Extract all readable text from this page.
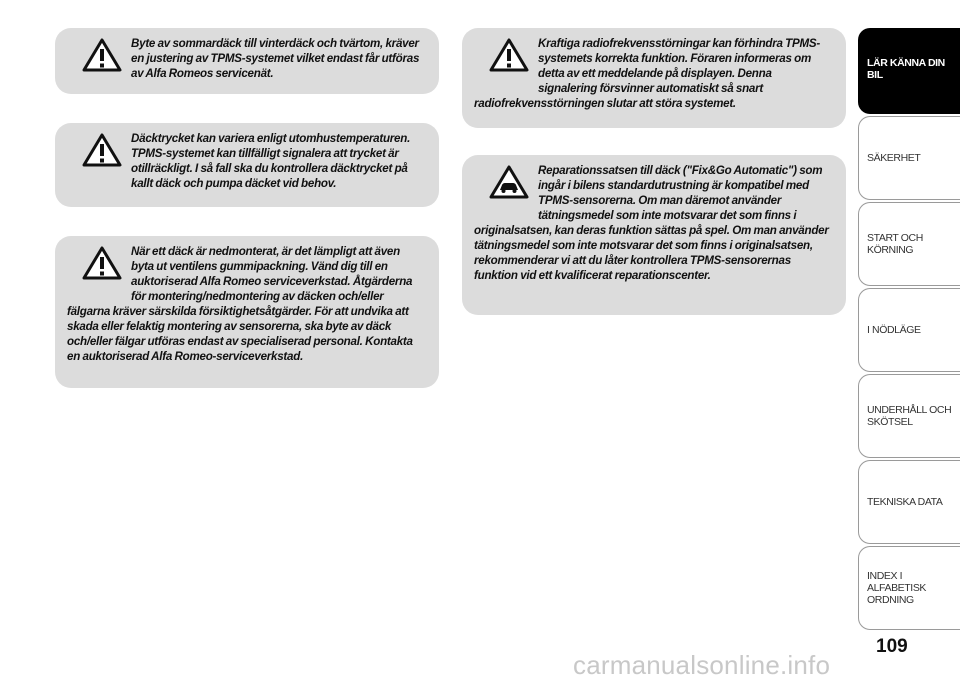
Byte av sommardäck till vinterdäck och tvärtom, kräver en justering av TPMS-systemet vilket endast får utföras av Alfa Romeos servicenät.
Däcktrycket kan variera enligt utomhustemperaturen. TPMS-systemet kan tillfälligt signalera att trycket är otillräckligt. I så fall ska du kontrollera däcktrycket på kallt däck och pumpa däcket vid behov.
När ett däck är nedmonterat, är det lämpligt att även byta ut ventilens gummipackning. Vänd dig till en auktoriserad Alfa Romeo serviceverkstad. Åtgärderna för montering/nedmontering av däcken och/eller fälgarna kräver särskilda försiktighetsåtgärder. För att undvika att skada eller felaktig montering av sensorerna, ska byte av däck och/eller fälgar utföras endast av specialiserad personal. Kontakta en auktoriserad Alfa Romeo-serviceverkstad.
Kraftiga radiofrekvensstörningar kan förhindra TPMS-systemets korrekta funktion. Föraren informeras om detta av ett meddelande på displayen. Denna signalering försvinner automatiskt så snart radiofrekvensstörningen slutar att störa systemet.
Reparationssatsen till däck ("Fix&Go Automatic") som ingår i bilens standardutrustning är kompatibel med TPMS-sensorerna. Om man däremot använder tätningsmedel som inte motsvarar det som finns i originalsatsen, kan deras funktion sättas på spel. Om man använder tätningsmedel som inte motsvarar det som finns i originalsatsen, rekommenderar vi att du låter kontrollera TPMS-sensorernas funktion vid ett kvalificerat reparationscenter.
LÄR KÄNNA DIN
BIL
SÄKERHET
START OCH
KÖRNING
I NÖDLÄGE
UNDERHÅLL OCH
SKÖTSEL
TEKNISKA DATA
INDEX I ALFABETISK
ORDNING
109
carmanualsonline.info
